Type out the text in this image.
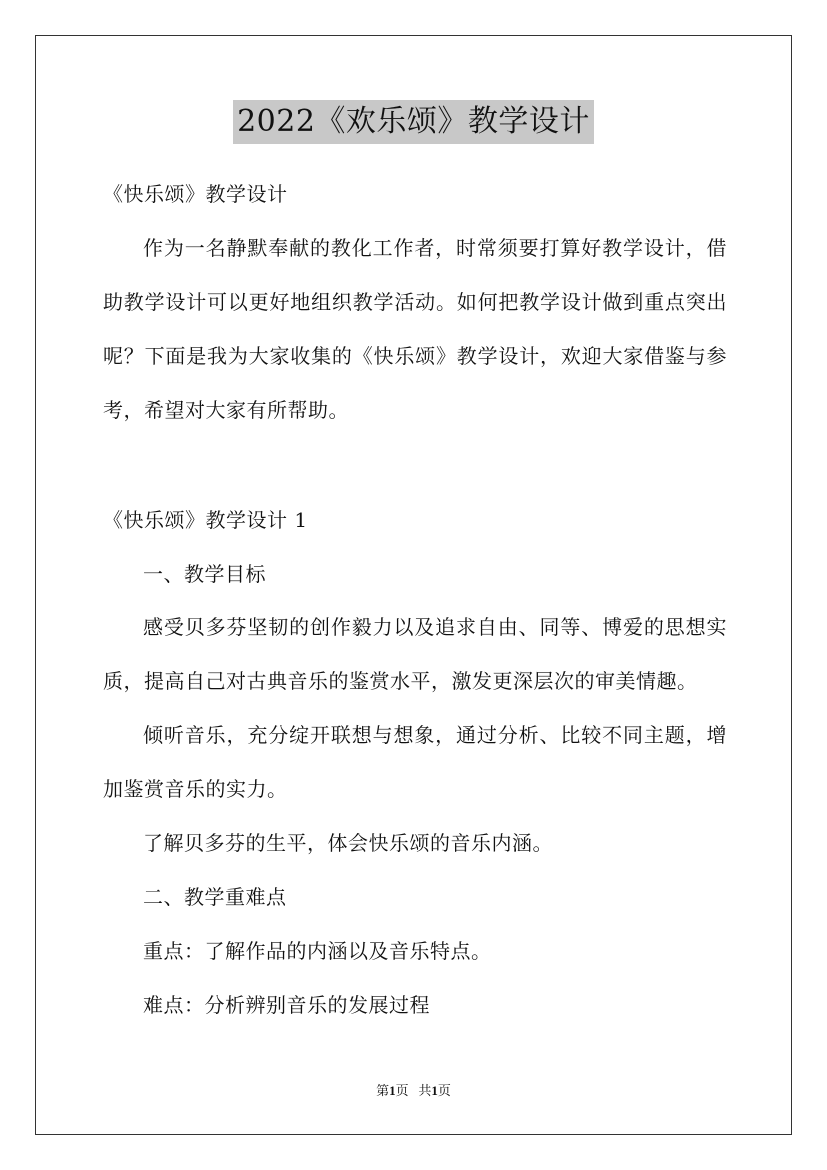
2022《欢乐颂》教学设计
《快乐颂》教学设计
作为一名静默奉献的教化工作者，时常须要打算好教学设计，借助教学设计可以更好地组织教学活动。如何把教学设计做到重点突出呢？下面是我为大家收集的《快乐颂》教学设计，欢迎大家借鉴与参考，希望对大家有所帮助。
《快乐颂》教学设计 1
一、教学目标
感受贝多芬坚韧的创作毅力以及追求自由、同等、博爱的思想实质，提高自己对古典音乐的鉴赏水平，激发更深层次的审美情趣。
倾听音乐，充分绽开联想与想象，通过分析、比较不同主题，增加鉴赏音乐的实力。
了解贝多芬的生平，体会快乐颂的音乐内涵。
二、教学重难点
重点：了解作品的内涵以及音乐特点。
难点：分析辨别音乐的发展过程
第1页   共1页
